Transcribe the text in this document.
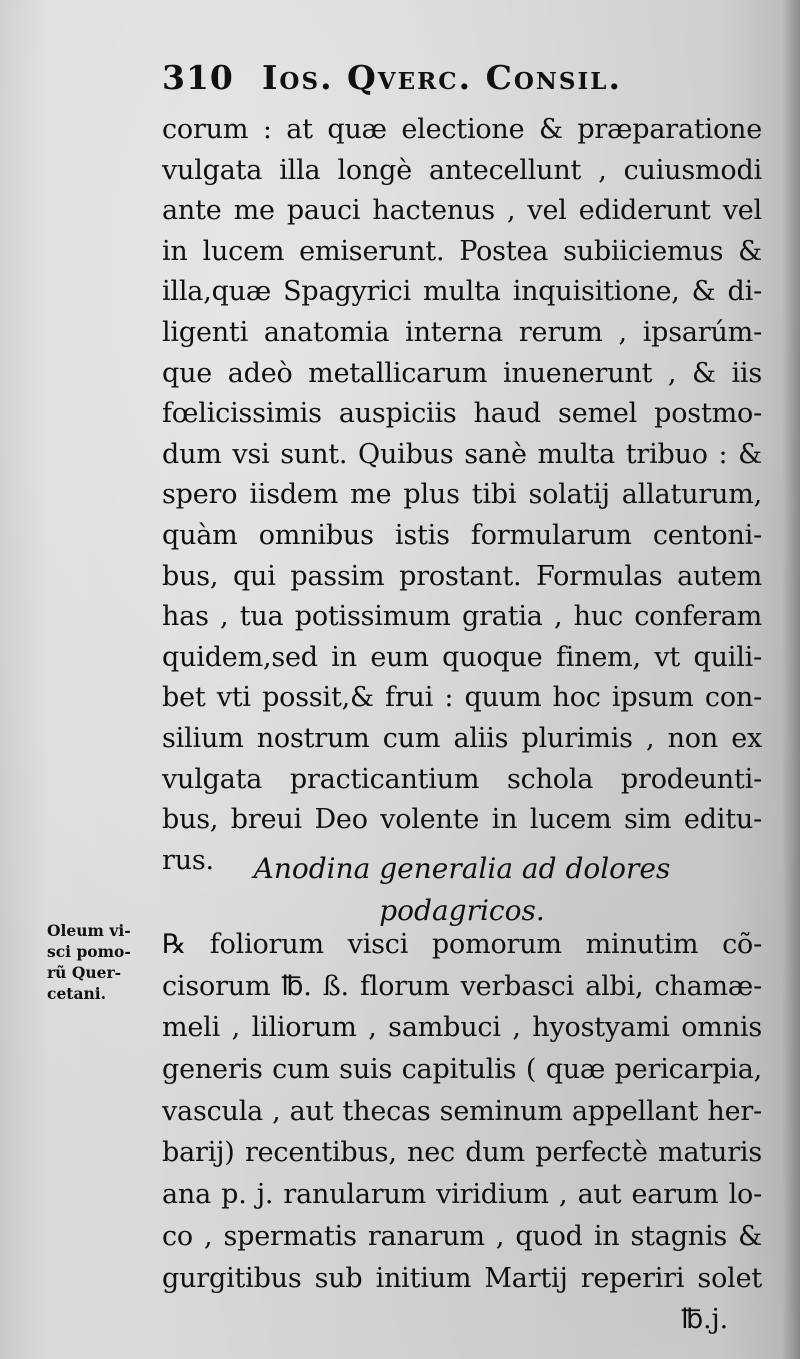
310 Ios. Qverc. Consil.
corum : at quæ electione & præparatione
vulgata illa longè antecellunt , cuiusmodi
ante me pauci hactenus , vel ediderunt vel
in lucem emiserunt. Postea subiiciemus &
illa,quæ Spagyrici multa inquisitione, & di-
ligenti anatomia interna rerum , ipsarúm-
que adeò metallicarum inuenerunt , & iis
fœlicissimis auspiciis haud semel postmo-
dum vsi sunt. Quibus sanè multa tribuo : &
spero iisdem me plus tibi solatij allaturum,
quàm omnibus istis formularum centoni-
bus, qui passim prostant. Formulas autem
has , tua potissimum gratia , huc conferam
quidem,sed in eum quoque finem, vt quili-
bet vti possit,& frui : quum hoc ipsum con-
silium nostrum cum aliis plurimis , non ex
vulgata practicantium schola prodeunti-
bus, breui Deo volente in lucem sim editu-
rus.	Anodina generalia ad dolores
podagricos.
Oleum vi-
sci pomo-
rũ Quer-
cetani.
℞ foliorum visci pomorum minutim cõ-
cisorum ℔. ß. florum verbasci albi, chamæ-
meli , liliorum , sambuci , hyostyami omnis
generis cum suis capitulis ( quæ pericarpia,
vascula , aut thecas seminum appellant her-
barij) recentibus, nec dum perfectè maturis
ana p. j. ranularum viridium , aut earum lo-
co , spermatis ranarum , quod in stagnis &
gurgitibus sub initium Martij reperiri solet
℔.j.
